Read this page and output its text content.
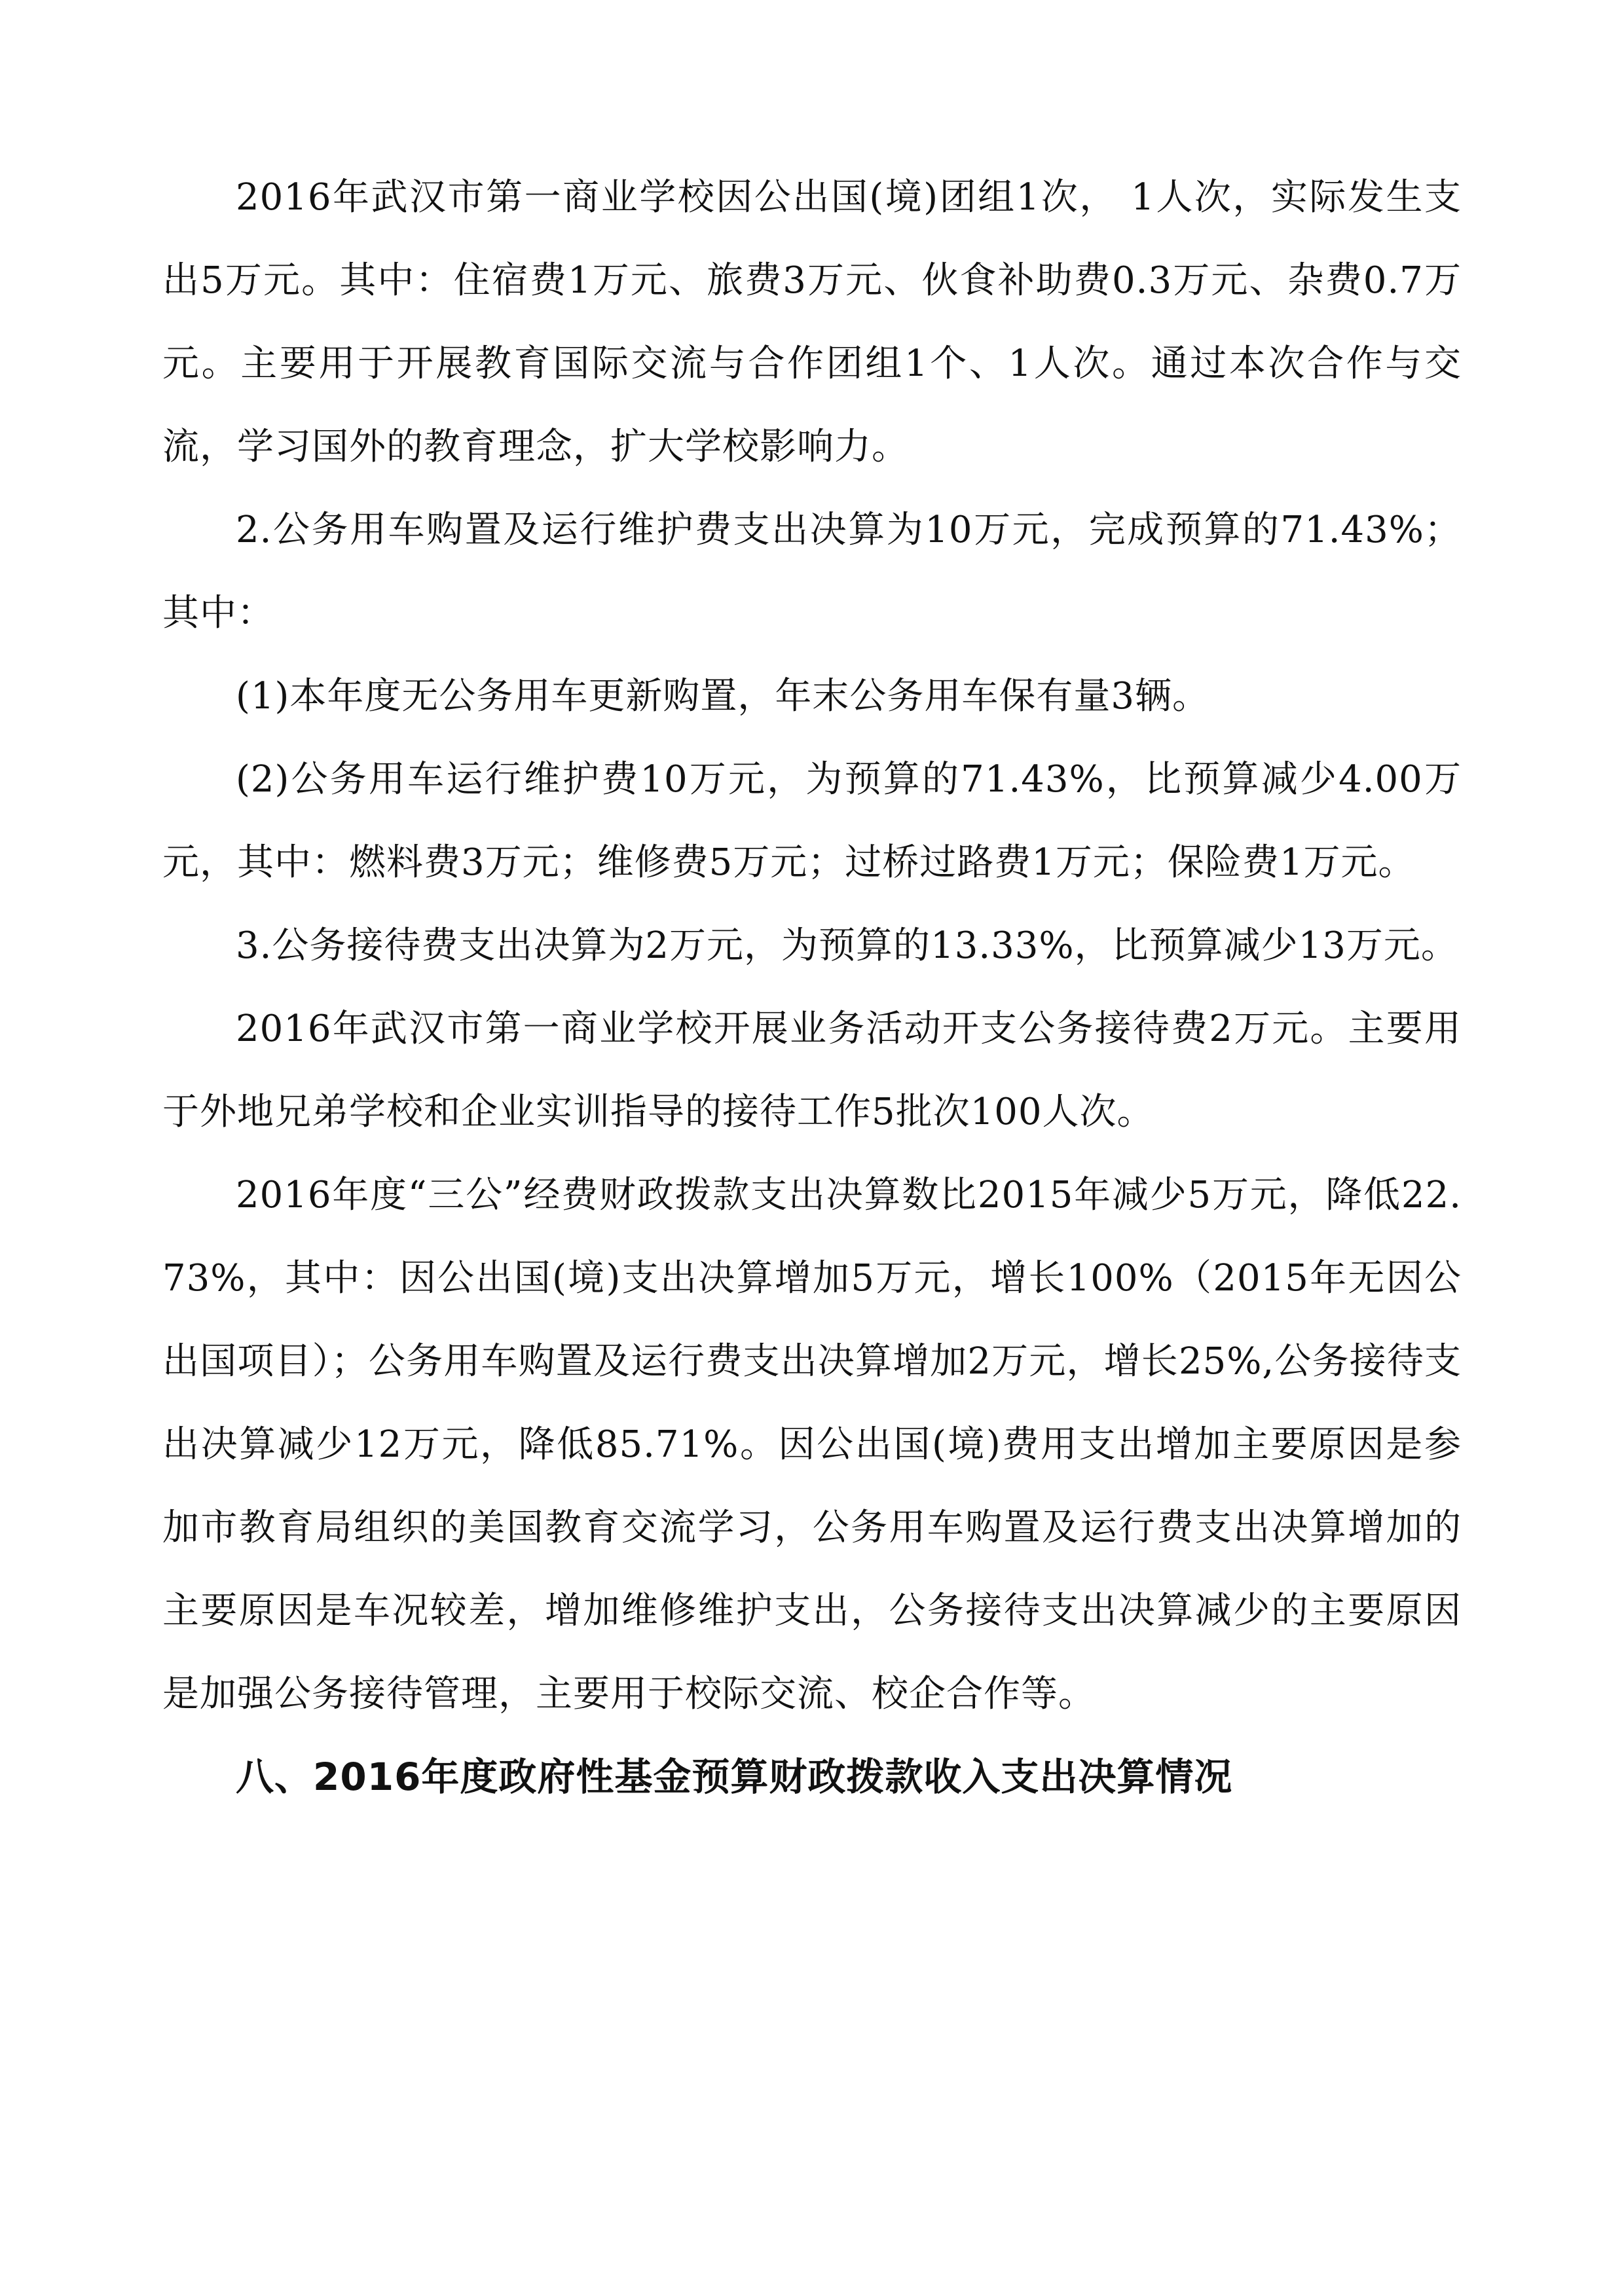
2016年武汉市第一商业学校因公出国(境)团组1次， 1人次，实际发生支出5万元。其中：住宿费1万元、旅费3万元、伙食补助费0.3万元、杂费0.7万元。主要用于开展教育国际交流与合作团组1个、1人次。通过本次合作与交流，学习国外的教育理念，扩大学校影响力。

2.公务用车购置及运行维护费支出决算为10万元，完成预算的71.43%；其中：

(1)本年度无公务用车更新购置，年末公务用车保有量3辆。

(2)公务用车运行维护费10万元，为预算的71.43%，比预算减少4.00万元，其中：燃料费3万元；维修费5万元；过桥过路费1万元；保险费1万元。

3.公务接待费支出决算为2万元，为预算的13.33%，比预算减少13万元。

2016年武汉市第一商业学校开展业务活动开支公务接待费2万元。主要用于外地兄弟学校和企业实训指导的接待工作5批次100人次。

2016年度“三公”经费财政拨款支出决算数比2015年减少5万元，降低22.73%，其中：因公出国(境)支出决算增加5万元，增长100%（2015年无因公出国项目）；公务用车购置及运行费支出决算增加2万元，增长25%,公务接待支出决算减少12万元，降低85.71%。因公出国(境)费用支出增加主要原因是参加市教育局组织的美国教育交流学习，公务用车购置及运行费支出决算增加的主要原因是车况较差，增加维修维护支出，公务接待支出决算减少的主要原因是加强公务接待管理，主要用于校际交流、校企合作等。

八、2016年度政府性基金预算财政拨款收入支出决算情况
